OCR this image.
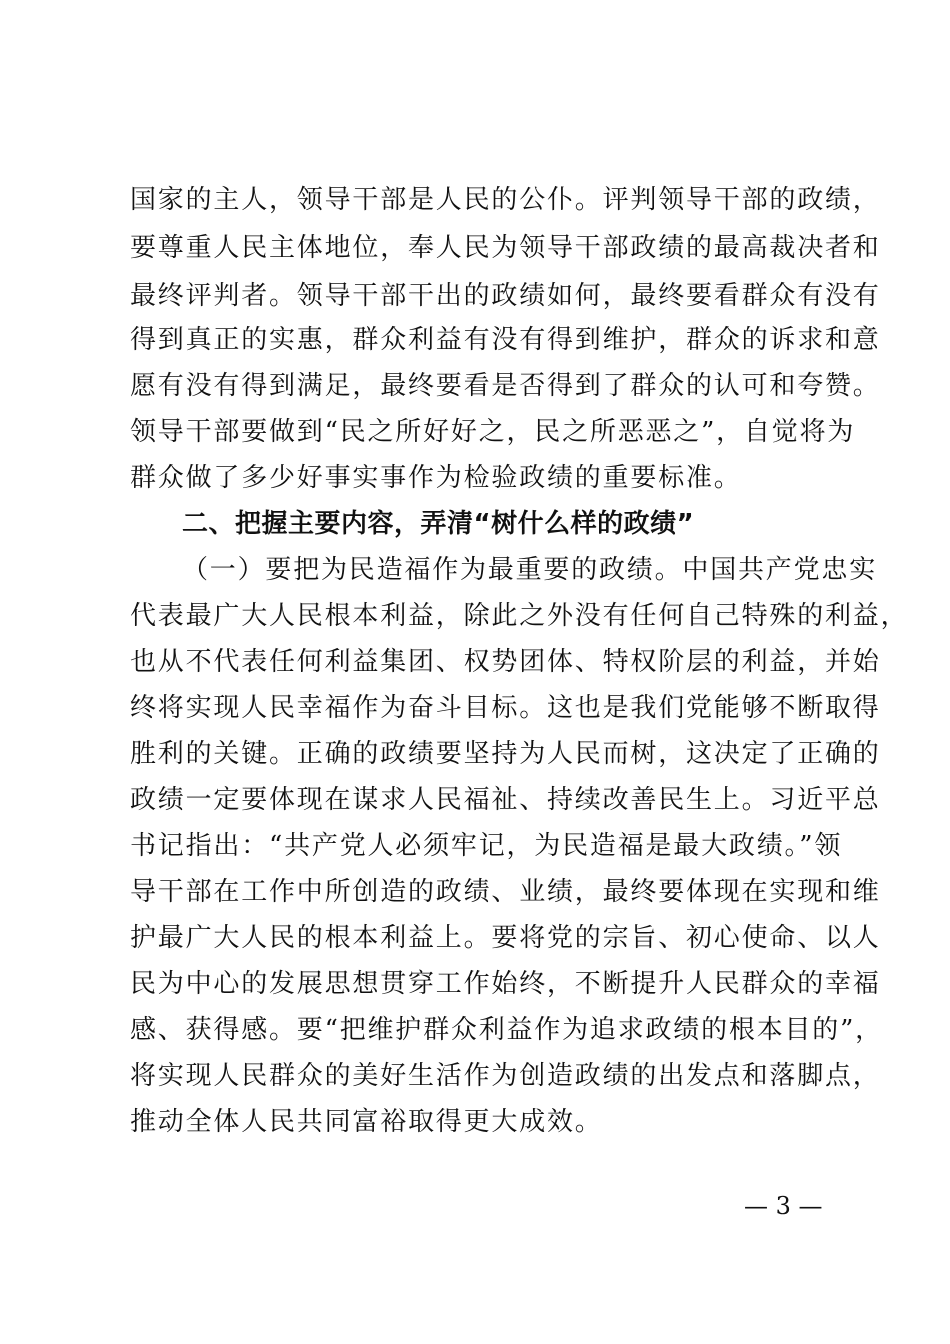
国家的主人，领导干部是人民的公仆。评判领导干部的政绩，
要尊重人民主体地位，奉人民为领导干部政绩的最高裁决者和
最终评判者。领导干部干出的政绩如何，最终要看群众有没有
得到真正的实惠，群众利益有没有得到维护，群众的诉求和意
愿有没有得到满足，最终要看是否得到了群众的认可和夸赞。
领导干部要做到“民之所好好之，民之所恶恶之”，自觉将为
群众做了多少好事实事作为检验政绩的重要标准。
二、把握主要内容，弄清“树什么样的政绩”
（一）要把为民造福作为最重要的政绩。中国共产党忠实
代表最广大人民根本利益，除此之外没有任何自己特殊的利益，
也从不代表任何利益集团、权势团体、特权阶层的利益，并始
终将实现人民幸福作为奋斗目标。这也是我们党能够不断取得
胜利的关键。正确的政绩要坚持为人民而树，这决定了正确的
政绩一定要体现在谋求人民福祉、持续改善民生上。习近平总
书记指出：“共产党人必须牢记，为民造福是最大政绩。”领
导干部在工作中所创造的政绩、业绩，最终要体现在实现和维
护最广大人民的根本利益上。要将党的宗旨、初心使命、以人
民为中心的发展思想贯穿工作始终，不断提升人民群众的幸福
感、获得感。要“把维护群众利益作为追求政绩的根本目的”，
将实现人民群众的美好生活作为创造政绩的出发点和落脚点，
推动全体人民共同富裕取得更大成效。
— 3 —
